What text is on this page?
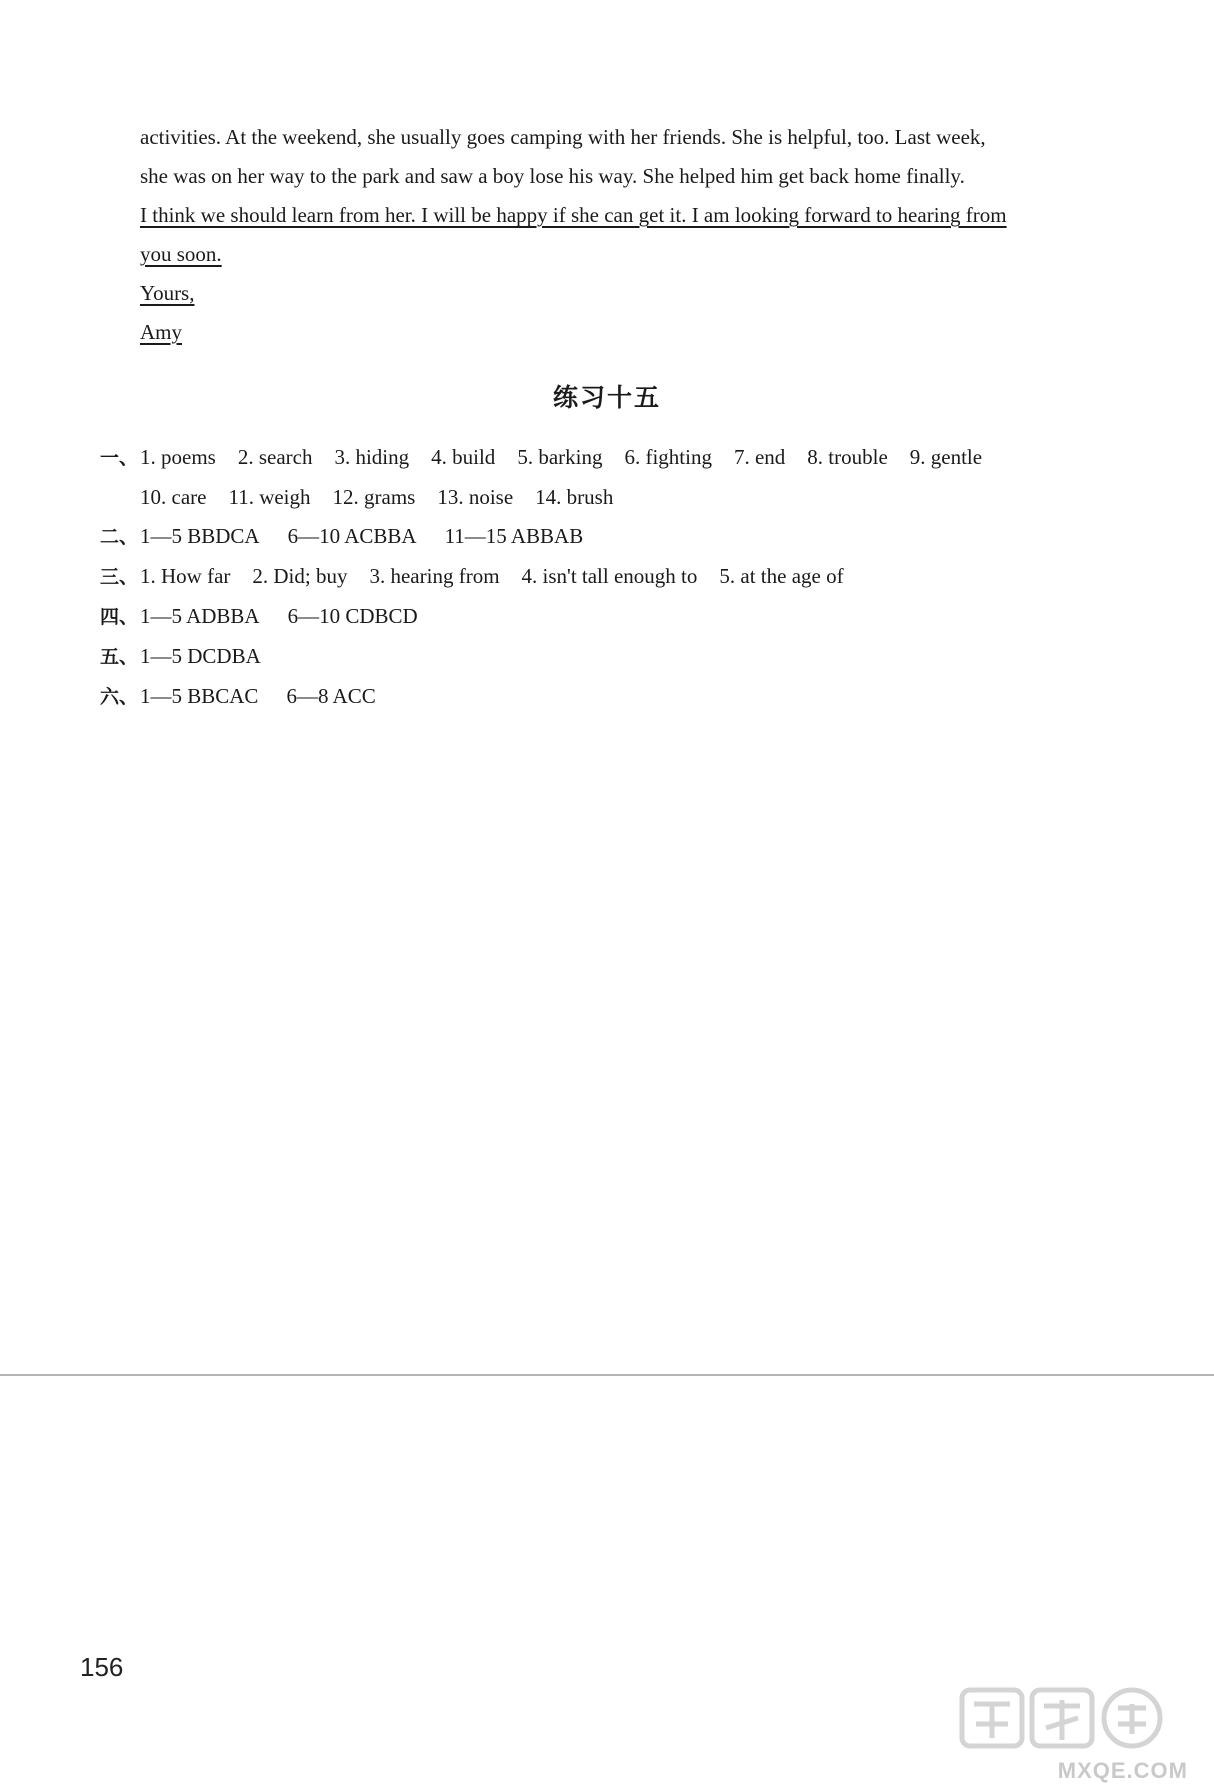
activities. At the weekend, she usually goes camping with her friends. She is helpful, too. Last week,
she was on her way to the park and saw a boy lose his way. She helped him get back home finally.
I think we should learn from her. I will be happy if she can get it. I am looking forward to hearing from
you soon.
Yours,
Amy
练习十五
一、1. poems 2. search 3. hiding 4. build 5. barking 6. fighting 7. end 8. trouble 9. gentle
10. care 11. weigh 12. grams 13. noise 14. brush
二、1—5 BBDCA 6—10 ACBBA 11—15 ABBAB
三、1. How far 2. Did; buy 3. hearing from 4. isn't tall enough to 5. at the age of
四、1—5 ADBBA 6—10 CDBCD
五、1—5 DCDBA
六、1—5 BBCAC 6—8 ACC
156
MXQE.COM
